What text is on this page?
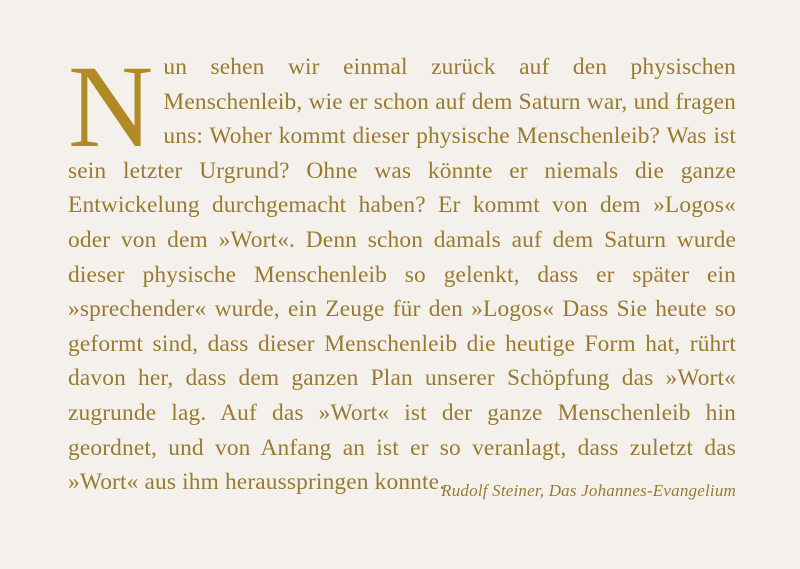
Nun sehen wir einmal zurück auf den physischen Menschenleib, wie er schon auf dem Saturn war, und fragen uns: Woher kommt dieser physische Menschenleib? Was ist sein letzter Urgrund? Ohne was könnte er niemals die ganze Entwickelung durchgemacht haben? Er kommt von dem »Logos« oder von dem »Wort«. Denn schon damals auf dem Saturn wurde dieser physische Menschenleib so gelenkt, dass er später ein »sprechender« wurde, ein Zeuge für den »Logos« Dass Sie heute so geformt sind, dass dieser Menschenleib die heutige Form hat, rührt davon her, dass dem ganzen Plan unserer Schöpfung das »Wort« zugrunde lag. Auf das »Wort« ist der ganze Menschenleib hin geordnet, und von Anfang an ist er so veranlagt, dass zuletzt das »Wort« aus ihm herausspringen konnte.

Rudolf Steiner, Das Johannes-Evangelium
